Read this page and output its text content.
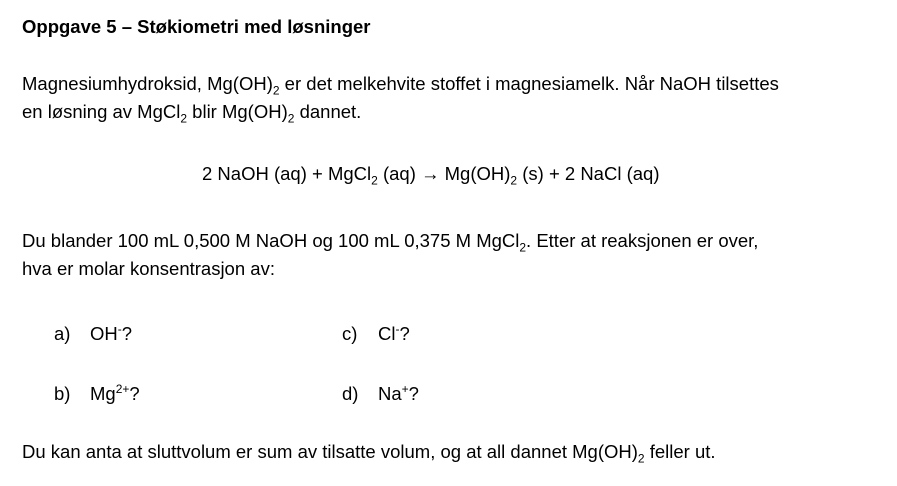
Oppgave 5 – Støkiometri med løsninger
Magnesiumhydroksid, $Mg(OH)_2$ er det melkehvite stoffet i magnesiamelk. Når NaOH tilsettes
en løsning av MgCl$_2$ blir $Mg(OH)_2$ dannet.
2 NaOH (aq) + MgCl$_2$ $(aq) \to Mg(OH)_2$ (s) + 2 NaCl (aq)
Du blander 100 mL 0,500 M NaOH og 100 mL 0,375 M MgCl$_2$. Etter at reaksjonen er over,
hva er molar konsentrasjon av:
a) OH-?	c) Cl-?
b) $Mg^{2+}$?	d) Na+?
Du kan anta at sluttvolum er sum av tilsatte volum, og at all dannet $Mg(OH)_2$ feller ut.
